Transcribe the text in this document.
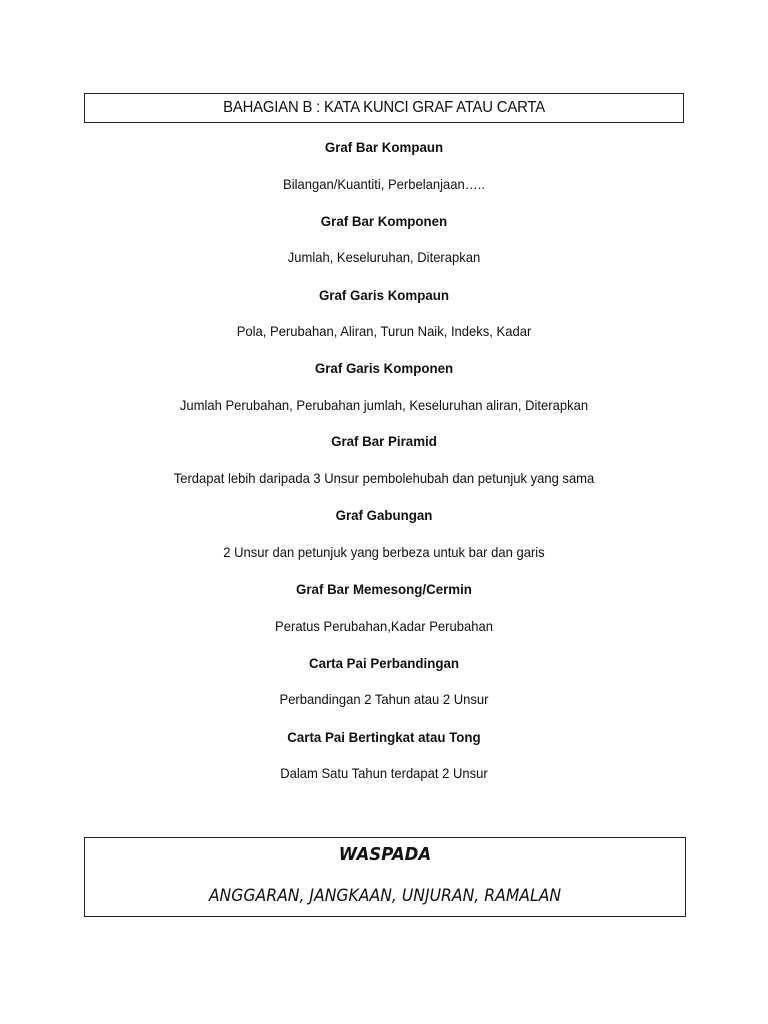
BAHAGIAN B : KATA KUNCI GRAF ATAU CARTA
Graf Bar Kompaun
Bilangan/Kuantiti, Perbelanjaan…..
Graf Bar Komponen
Jumlah, Keseluruhan, Diterapkan
Graf Garis Kompaun
Pola, Perubahan, Aliran, Turun Naik, Indeks, Kadar
Graf Garis Komponen
Jumlah Perubahan, Perubahan jumlah, Keseluruhan aliran, Diterapkan
Graf Bar Piramid
Terdapat lebih daripada 3 Unsur pembolehubah dan petunjuk yang sama
Graf Gabungan
2 Unsur dan petunjuk yang berbeza untuk bar dan garis
Graf Bar Memesong/Cermin
Peratus Perubahan,Kadar Perubahan
Carta Pai Perbandingan
Perbandingan 2 Tahun atau 2 Unsur
Carta Pai Bertingkat atau Tong
Dalam Satu Tahun terdapat 2 Unsur
WASPADA
ANGGARAN, JANGKAAN, UNJURAN, RAMALAN
